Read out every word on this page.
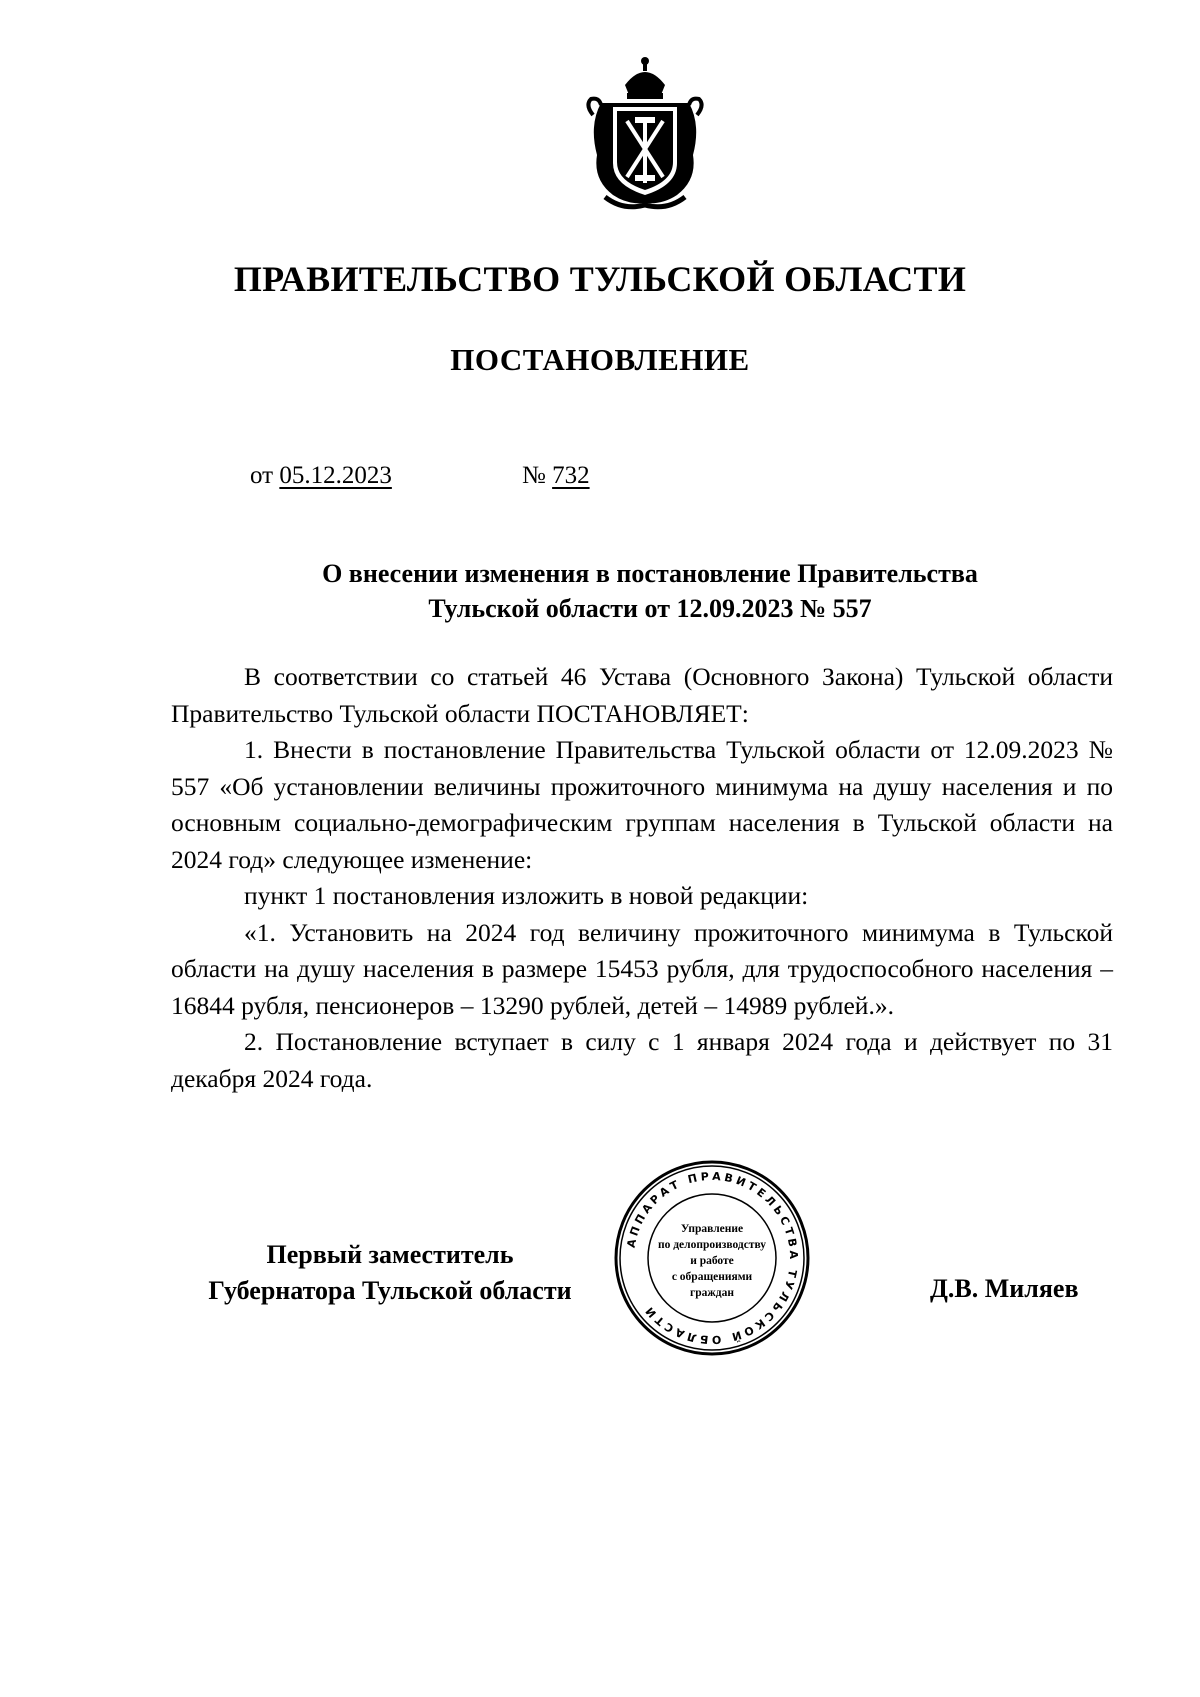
ПРАВИТЕЛЬСТВО ТУЛЬСКОЙ ОБЛАСТИ
ПОСТАНОВЛЕНИЕ
от 05.12.2023	№ 732
О внесении изменения в постановление Правительства
Тульской области от 12.09.2023 № 557

В соответствии со статьей 46 Устава (Основного Закона) Тульской области Правительство Тульской области ПОСТАНОВЛЯЕТ:

1. Внести в постановление Правительства Тульской области от 12.09.2023 № 557 «Об установлении величины прожиточного минимума на душу населения и по основным социально-демографическим группам населения в Тульской области на 2024 год» следующее изменение:

пункт 1 постановления изложить в новой редакции:

«1. Установить на 2024 год величину прожиточного минимума в Тульской области на душу населения в размере 15453 рубля, для трудоспособного населения – 16844 рубля, пенсионеров – 13290 рублей, детей – 14989 рублей.».

2. Постановление вступает в силу с 1 января 2024 года и действует по 31 декабря 2024 года.

Первый заместитель
Губернатора Тульской области
АППАРАТ ПРАВИТЕЛЬСТВА ТУЛЬСКОЙ ОБЛАСТИ
Управление
по делопроизводству
и работе
с обращениями
граждан	Д.В. Миляев
